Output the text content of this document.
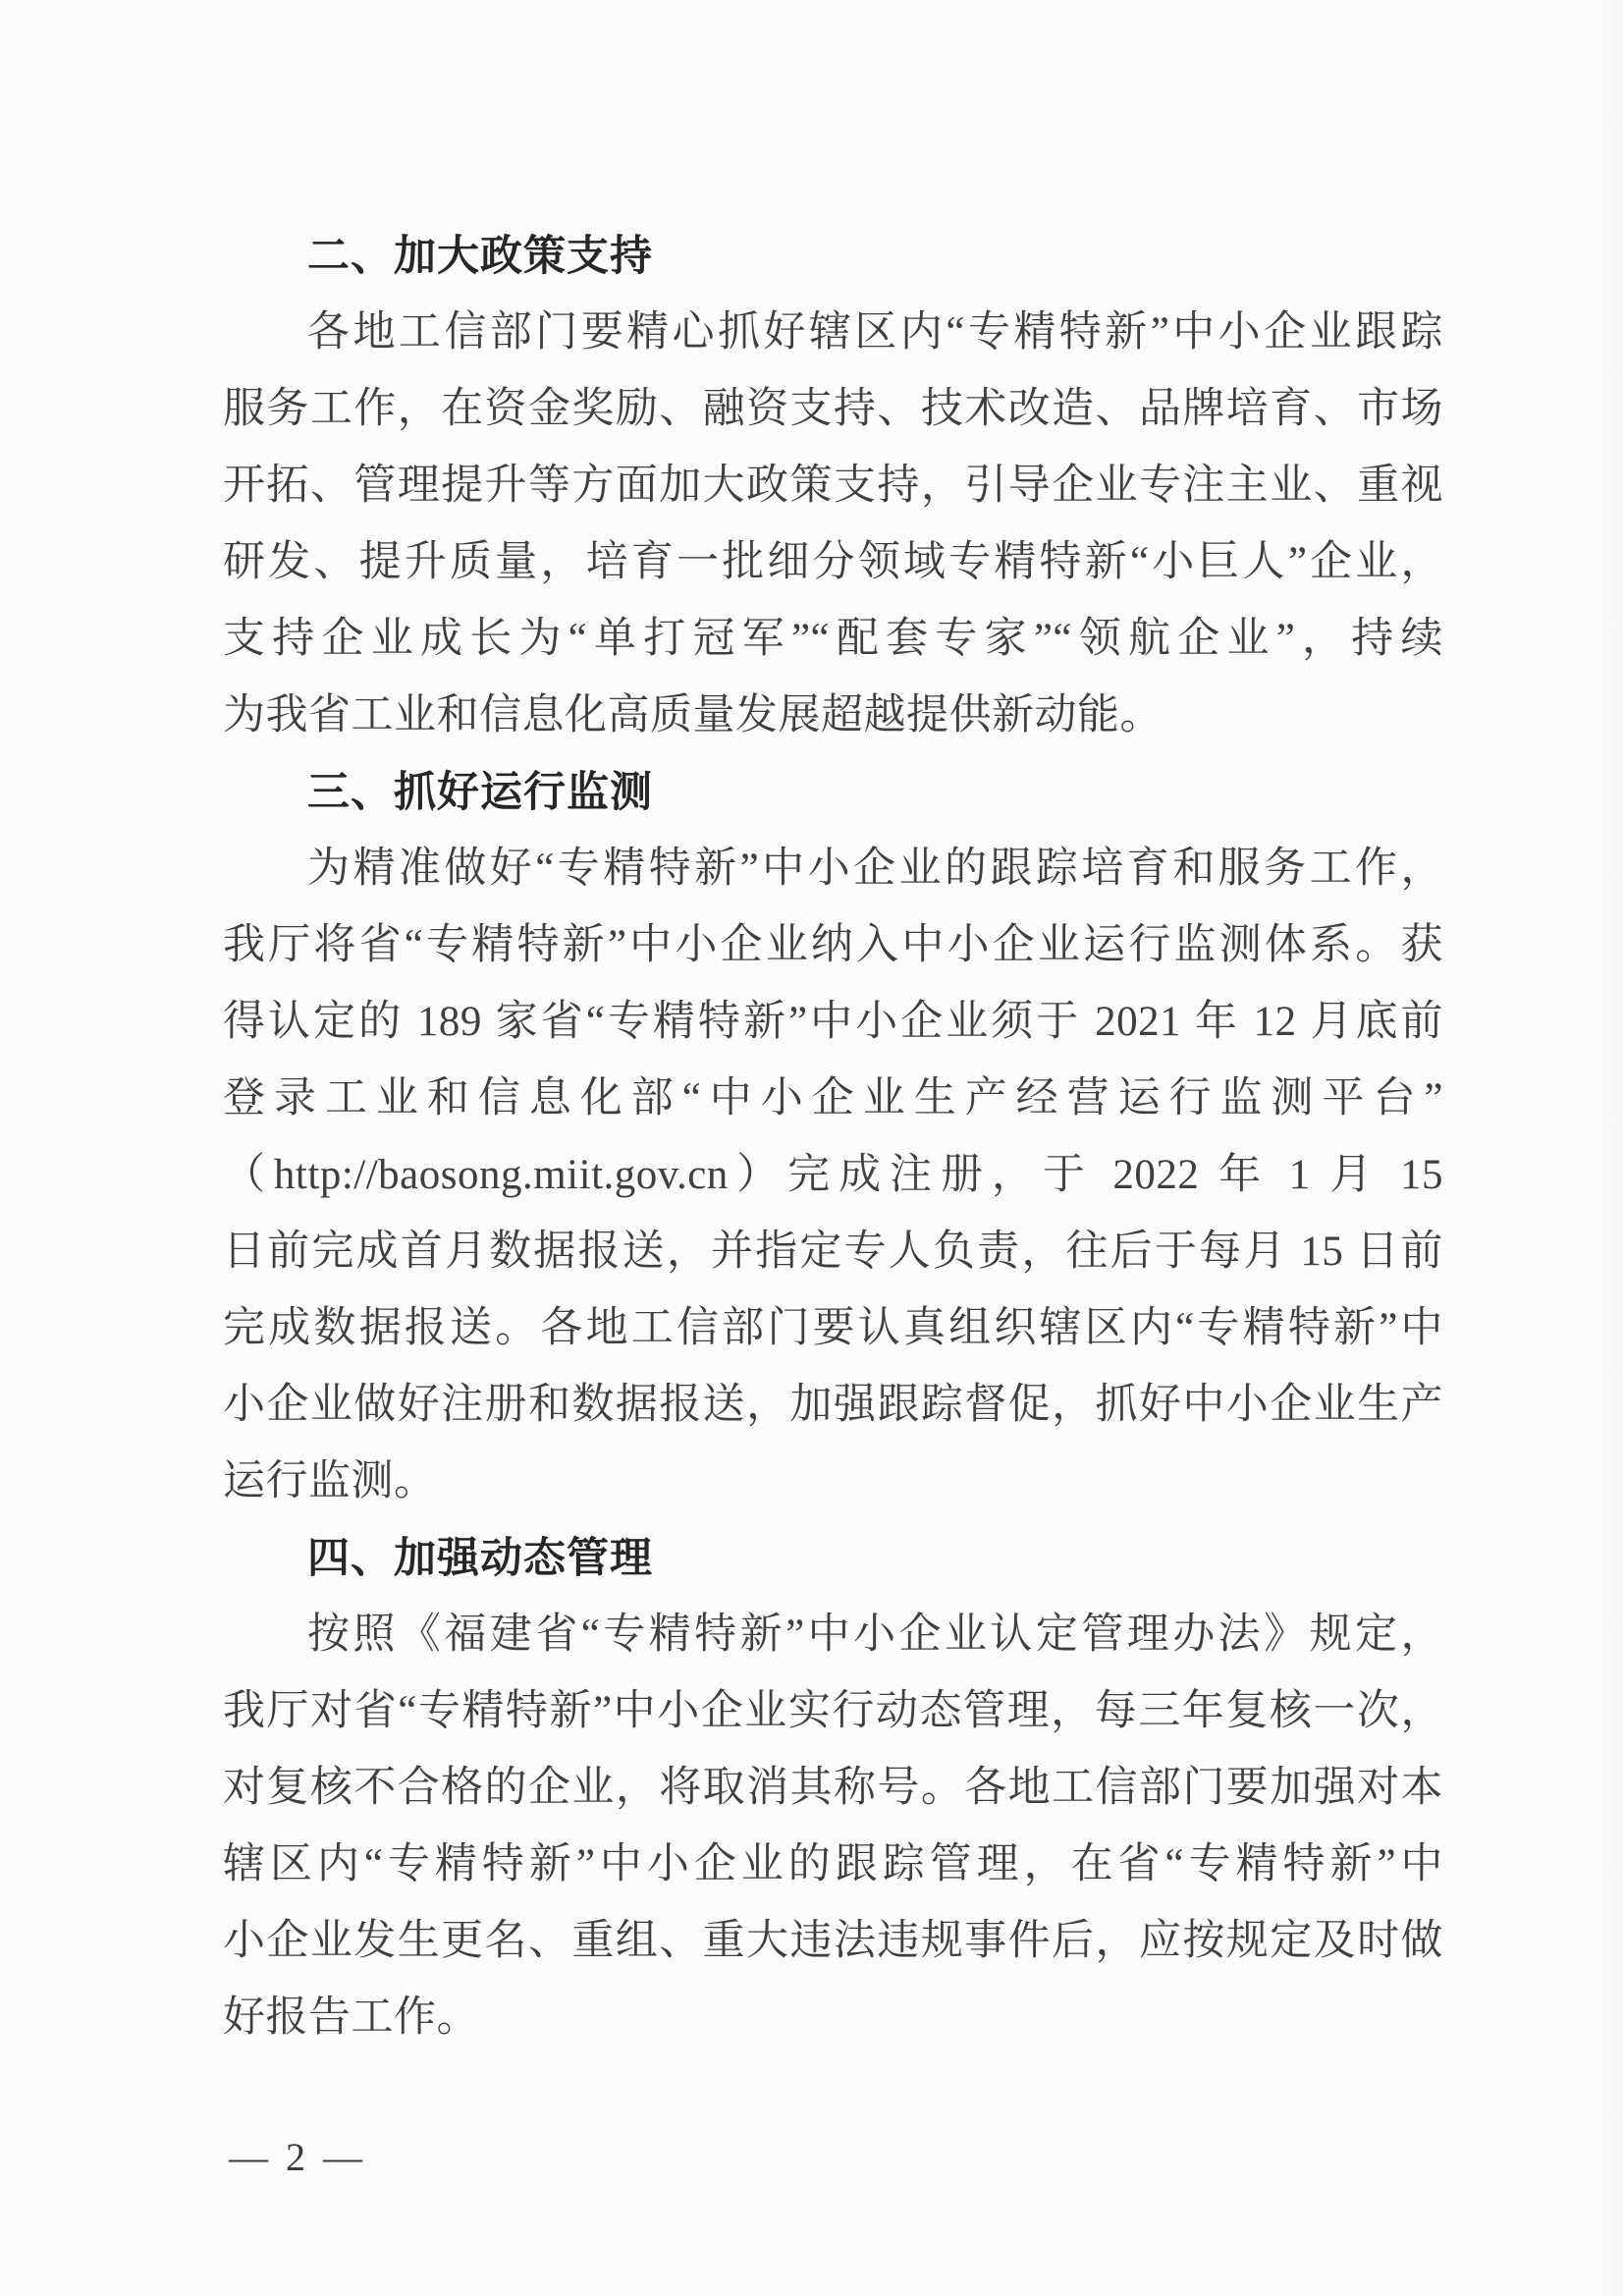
二、加大政策支持
各地工信部门要精心抓好辖区内“专精特新”中小企业跟踪
服务工作，在资金奖励、融资支持、技术改造、品牌培育、市场
开拓、管理提升等方面加大政策支持，引导企业专注主业、重视
研发、提升质量，培育一批细分领域专精特新“小巨人”企业，
支持企业成长为“单打冠军”“配套专家”“领航企业”，持续
为我省工业和信息化高质量发展超越提供新动能。
三、抓好运行监测
为精准做好“专精特新”中小企业的跟踪培育和服务工作，
我厅将省“专精特新”中小企业纳入中小企业运行监测体系。获
得认定的 189 家省“专精特新”中小企业须于 2021 年 12 月底前
登录工业和信息化部“中小企业生产经营运行监测平台”
（http://baosong.miit.gov.cn）完成注册，于 2022 年 1 月 15
日前完成首月数据报送，并指定专人负责，往后于每月 15 日前
完成数据报送。各地工信部门要认真组织辖区内“专精特新”中
小企业做好注册和数据报送，加强跟踪督促，抓好中小企业生产
运行监测。
四、加强动态管理
按照《福建省“专精特新”中小企业认定管理办法》规定，
我厅对省“专精特新”中小企业实行动态管理，每三年复核一次，
对复核不合格的企业，将取消其称号。各地工信部门要加强对本
辖区内“专精特新”中小企业的跟踪管理，在省“专精特新”中
小企业发生更名、重组、重大违法违规事件后，应按规定及时做
好报告工作。
— 2 —
